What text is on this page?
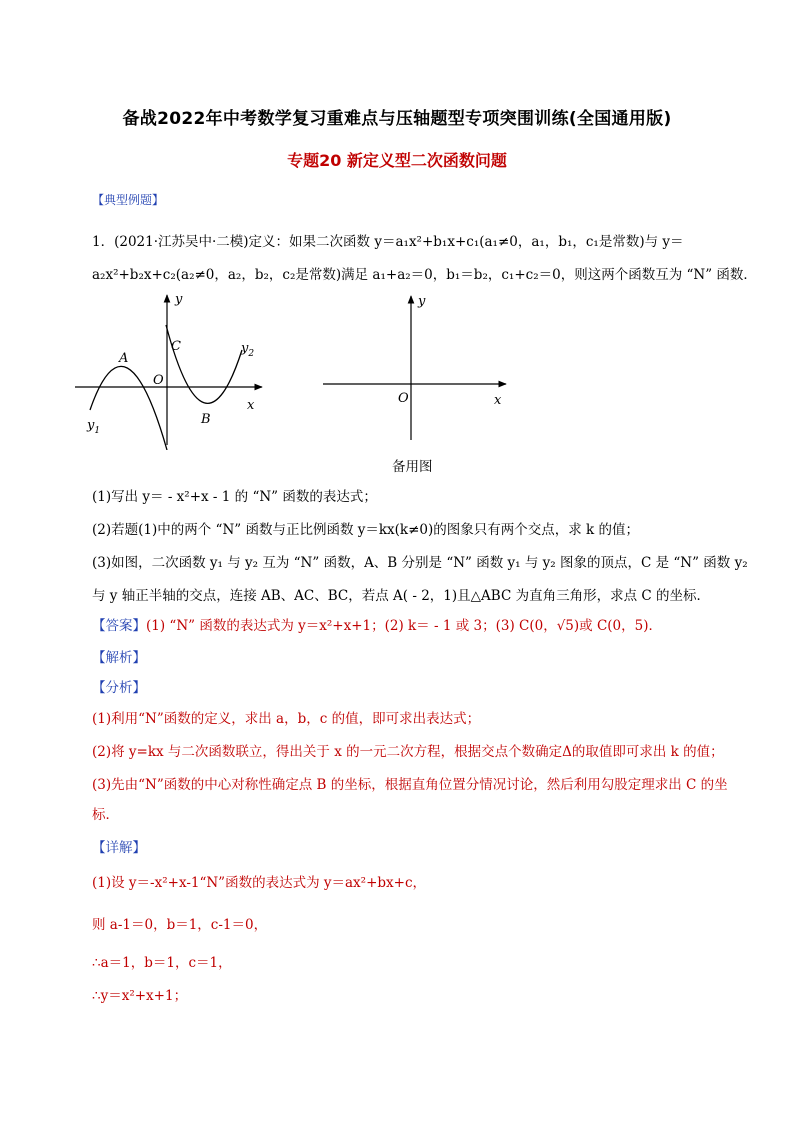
备战2022年中考数学复习重难点与压轴题型专项突围训练(全国通用版)
专题20 新定义型二次函数问题
【典型例题】
1．(2021·江苏吴中·二模)定义：如果二次函数 y＝a₁x²+b₁x+c₁(a₁≠0，a₁，b₁，c₁是常数)与 y＝
a₂x²+b₂x+c₂(a₂≠0，a₂，b₂，c₂是常数)满足 a₁+a₂＝0，b₁＝b₂，c₁+c₂＝0，则这两个函数互为 “N” 函数．
y
x
O
A
B
C	$y_2$
$y_1$
y
x
O
备用图
(1)写出 y＝ - x²+x - 1 的 “N” 函数的表达式；
(2)若题(1)中的两个 “N” 函数与正比例函数 y＝kx(k≠0)的图象只有两个交点，求 k 的值；
(3)如图，二次函数 y₁ 与 y₂ 互为 “N” 函数，A、B 分别是 “N” 函数 y₁ 与 y₂ 图象的顶点，C 是 “N” 函数 y₂
与 y 轴正半轴的交点，连接 AB、AC、BC，若点 A( - 2，1)且△ABC 为直角三角形，求点 C 的坐标．
【答案】(1) “N” 函数的表达式为 y＝x²+x+1；(2) k＝ - 1 或 3；(3) C(0，√5)或 C(0，5)．
【解析】
【分析】
(1)利用“N”函数的定义，求出 a，b，c 的值，即可求出表达式；
(2)将 y=kx 与二次函数联立，得出关于 x 的一元二次方程，根据交点个数确定Δ的取值即可求出 k 的值；
(3)先由“N”函数的中心对称性确定点 B 的坐标，根据直角位置分情况讨论，然后利用勾股定理求出 C 的坐
标．
【详解】
(1)设 y＝-x²+x-1“N”函数的表达式为 y＝ax²+bx+c，
则 a-1＝0，b＝1，c-1＝0，
∴a＝1，b＝1，c＝1，
∴y＝x²+x+1；
